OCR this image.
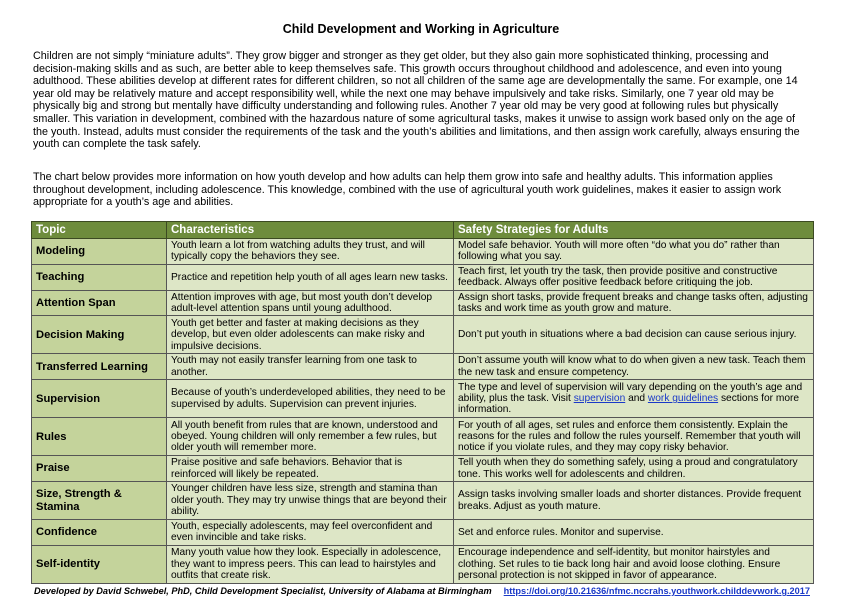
Child Development and Working in Agriculture

Children are not simply “miniature adults”. They grow bigger and stronger as they get older, but they also gain more sophisticated thinking, processing and decision-making skills and as such, are better able to keep themselves safe. This growth occurs throughout childhood and adolescence, and even into young adulthood. These abilities develop at different rates for different children, so not all children of the same age are developmentally the same. For example, one 14 year old may be relatively mature and accept responsibility well, while the next one may behave impulsively and take risks. Similarly, one 7 year old may be physically big and strong but mentally have difficulty understanding and following rules. Another 7 year old may be very good at following rules but physically smaller. This variation in development, combined with the hazardous nature of some agricultural tasks, makes it unwise to assign work based only on the age of the youth. Instead, adults must consider the requirements of the task and the youth’s abilities and limitations, and then assign work carefully, always ensuring the youth can complete the task safely.

The chart below provides more information on how youth develop and how adults can help them grow into safe and healthy adults. This information applies throughout development, including adolescence. This knowledge, combined with the use of agricultural youth work guidelines, makes it easier to assign work appropriate for a youth’s age and abilities.

Topic	Characteristics	Safety Strategies for Adults
Modeling	Youth learn a lot from watching adults they trust, and will typically copy the behaviors they see.	Model safe behavior. Youth will more often “do what you do” rather than following what you say.
Teaching	Practice and repetition help youth of all ages learn new tasks.	Teach first, let youth try the task, then provide positive and constructive feedback. Always offer positive feedback before critiquing the job.
Attention Span	Attention improves with age, but most youth don’t develop adult-level attention spans until young adulthood.	Assign short tasks, provide frequent breaks and change tasks often, adjusting tasks and work time as youth grow and mature.
Decision Making	Youth get better and faster at making decisions as they develop, but even older adolescents can make risky and impulsive decisions.	Don’t put youth in situations where a bad decision can cause serious injury.
Transferred Learning	Youth may not easily transfer learning from one task to another.	Don’t assume youth will know what to do when given a new task. Teach them the new task and ensure competency.
Supervision	Because of youth’s underdeveloped abilities, they need to be supervised by adults. Supervision can prevent injuries.	The type and level of supervision will vary depending on the youth’s age and ability, plus the task. Visit supervision and work guidelines sections for more information.
Rules	All youth benefit from rules that are known, understood and obeyed. Young children will only remember a few rules, but older youth will remember more.	For youth of all ages, set rules and enforce them consistently. Explain the reasons for the rules and follow the rules yourself. Remember that youth will notice if you violate rules, and they may copy risky behavior.
Praise	Praise positive and safe behaviors. Behavior that is reinforced will likely be repeated.	Tell youth when they do something safely, using a proud and congratulatory tone. This works well for adolescents and children.
Size, Strength & Stamina	Younger children have less size, strength and stamina than older youth. They may try unwise things that are beyond their ability.	Assign tasks involving smaller loads and shorter distances. Provide frequent breaks. Adjust as youth mature.
Confidence	Youth, especially adolescents, may feel overconfident and even invincible and take risks.	Set and enforce rules. Monitor and supervise.
Self-identity	Many youth value how they look. Especially in adolescence, they want to impress peers. This can lead to hairstyles and outfits that create risk.	Encourage independence and self-identity, but monitor hairstyles and clothing. Set rules to tie back long hair and avoid loose clothing. Ensure personal protection is not skipped in favor of appearance.
Developed by David Schwebel, PhD, Child Development Specialist, University of Alabama at Birmingham https://doi.org/10.21636/nfmc.nccrahs.youthwork.childdevwork.g.2017
